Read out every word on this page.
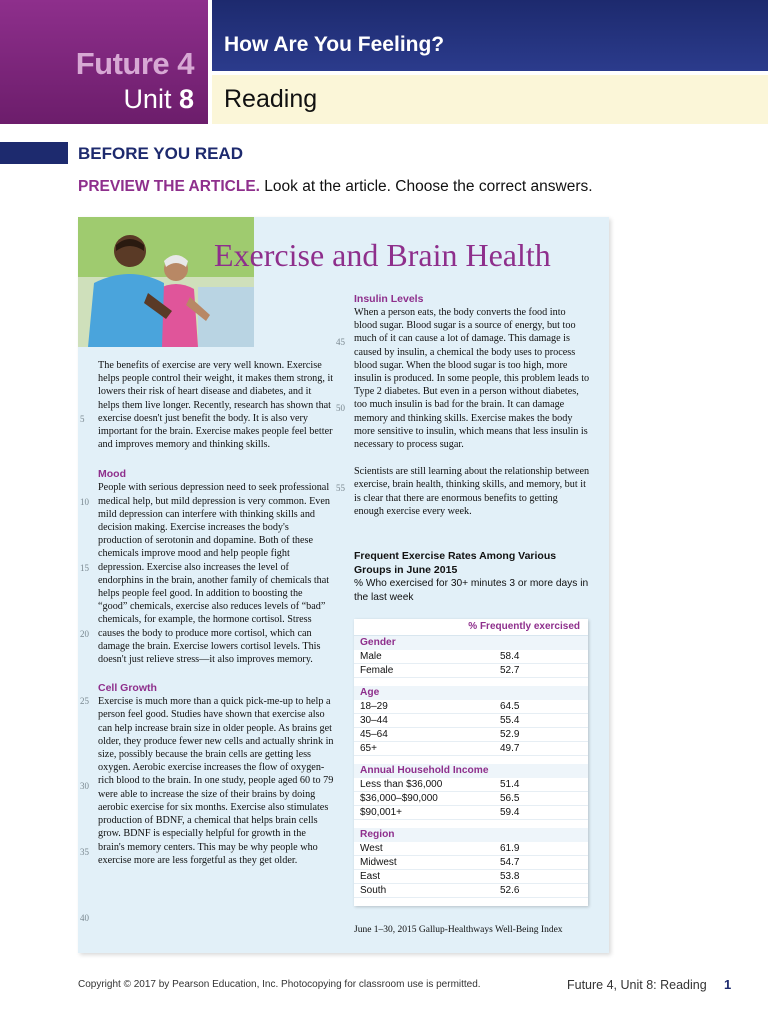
Future 4
Unit 8
How Are You Feeling?
Reading
BEFORE YOU READ
PREVIEW THE ARTICLE. Look at the article. Choose the correct answers.
Exercise and Brain Health
5
10
15
20
25
30
35
40

The benefits of exercise are very well known. Exercise helps people control their weight, it makes them strong, it lowers their risk of heart disease and diabetes, and it helps them live longer. Recently, research has shown that exercise doesn't just benefit the body. It is also very important for the brain. Exercise makes people feel better and improves memory and thinking skills.

Mood

People with serious depression need to seek professional medical help, but mild depression is very common. Even mild depression can interfere with thinking skills and decision making. Exercise increases the body's production of serotonin and dopamine. Both of these chemicals improve mood and help people fight depression. Exercise also increases the level of endorphins in the brain, another family of chemicals that helps people feel good. In addition to boosting the “good” chemicals, exercise also reduces levels of “bad” chemicals, for example, the hormone cortisol. Stress causes the body to produce more cortisol, which can damage the brain. Exercise lowers cortisol levels. This doesn't just relieve stress—it also improves memory.

Cell Growth

Exercise is much more than a quick pick-me-up to help a person feel good. Studies have shown that exercise also can help increase brain size in older people. As brains get older, they produce fewer new cells and actually shrink in size, possibly because the brain cells are getting less oxygen. Aerobic exercise increases the flow of oxygen-rich blood to the brain. In one study, people aged 60 to 79 were able to increase the size of their brains by doing aerobic exercise for six months. Exercise also stimulates production of BDNF, a chemical that helps brain cells grow. BDNF is especially helpful for growth in the brain's memory centers. This may be why people who exercise more are less forgetful as they get older.

45
50
55

Insulin Levels

When a person eats, the body converts the food into blood sugar. Blood sugar is a source of energy, but too much of it can cause a lot of damage. This damage is caused by insulin, a chemical the body uses to process blood sugar. When the blood sugar is too high, more insulin is produced. In some people, this problem leads to Type 2 diabetes. But even in a person without diabetes, too much insulin is bad for the brain. It can damage memory and thinking skills. Exercise makes the body more sensitive to insulin, which means that less insulin is necessary to process sugar.

Scientists are still learning about the relationship between exercise, brain health, thinking skills, and memory, but it is clear that there are enormous benefits to getting enough exercise every week.

Frequent Exercise Rates Among Various Groups in June 2015
% Who exercised for 30+ minutes 3 or more days in the last week
% Frequently exercised
Gender
Male	58.4
Female	52.7
Age
18–29	64.5
30–44	55.4
45–64	52.9
65+	49.7
Annual Household Income
Less than $36,000	51.4
$36,000–$90,000	56.5
$90,001+	59.4
Region
West	61.9
Midwest	54.7
East	53.8
South	52.6
June 1–30, 2015 Gallup-Healthways Well-Being Index
Copyright © 2017 by Pearson Education, Inc. Photocopying for classroom use is permitted.	Future 4, Unit 8: Reading 1
